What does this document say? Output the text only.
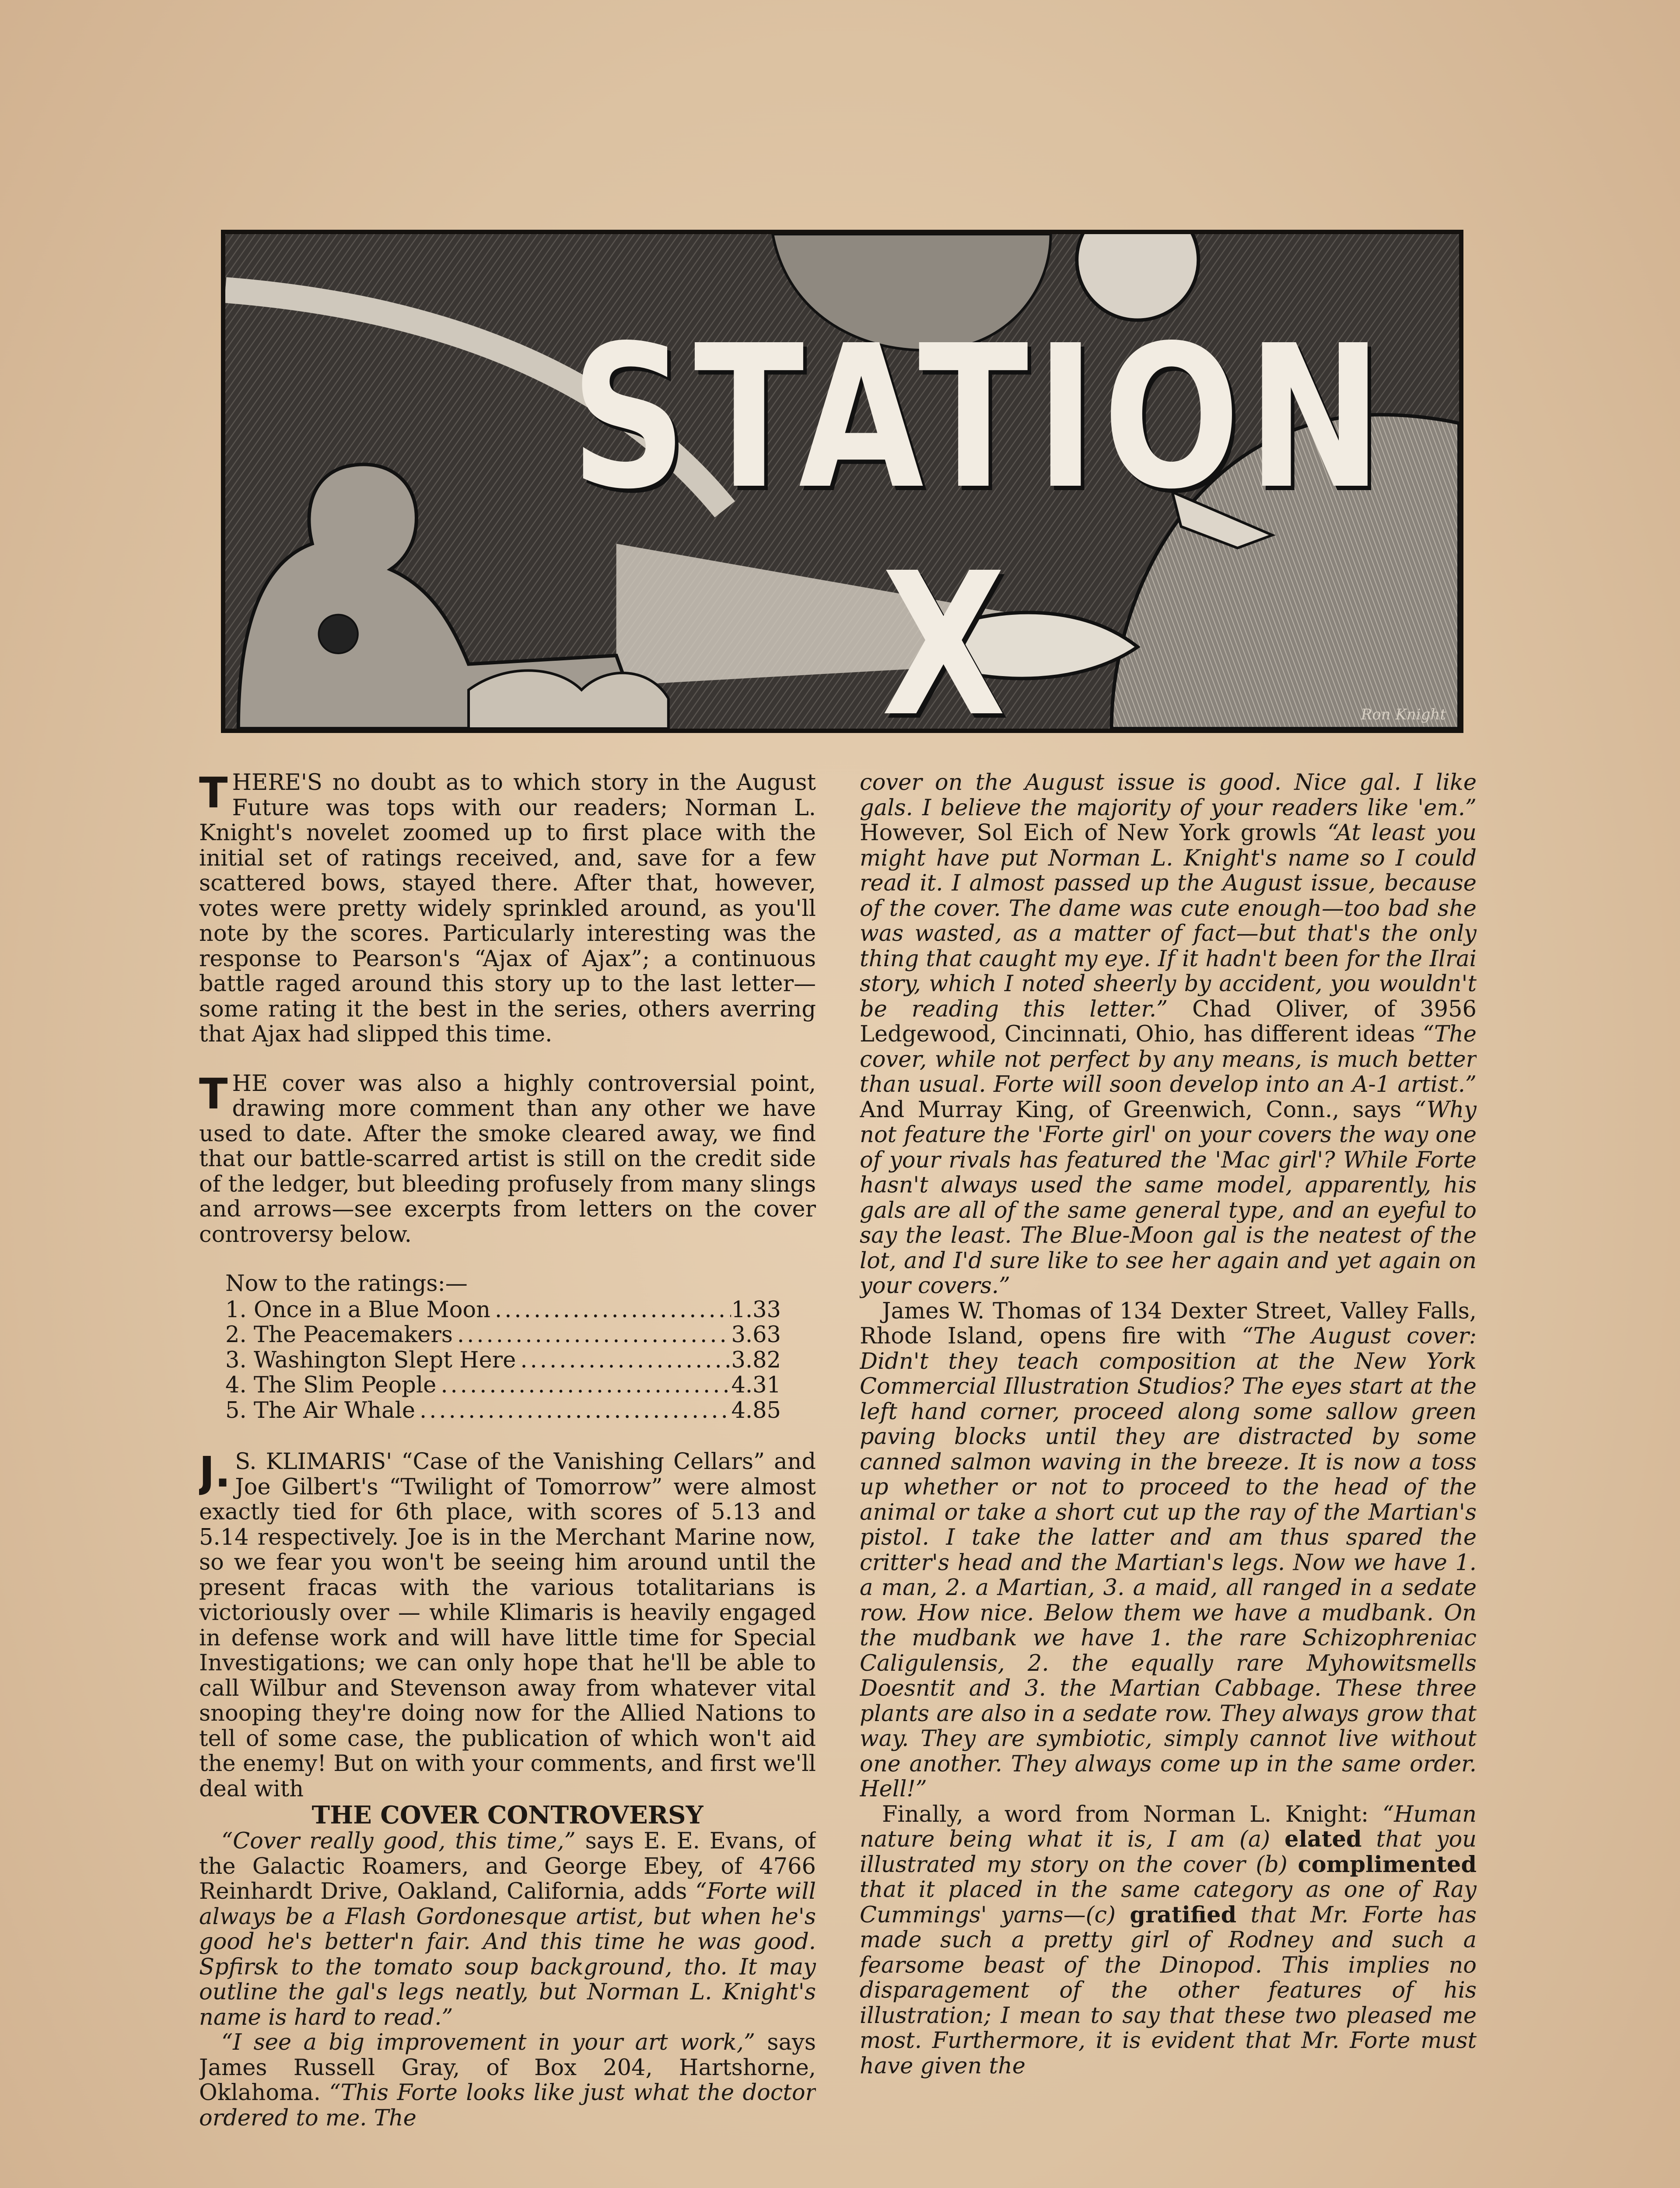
STATION X	Ron Knight

THERE'S no doubt as to which story in the August Future was tops with our readers; Norman L. Knight's novelet zoomed up to first place with the initial set of ratings received, and, save for a few scattered bows, stayed there. After that, however, votes were pretty widely sprinkled around, as you'll note by the scores. Particularly interesting was the response to Pearson's “Ajax of Ajax”; a continuous battle raged around this story up to the last letter—some rating it the best in the series, others averring that Ajax had slipped this time.

THE cover was also a highly controversial point, drawing more comment than any other we have used to date. After the smoke cleared away, we find that our battle-scarred artist is still on the credit side of the ledger, but bleeding profusely from many slings and arrows—see excerpts from letters on the cover controversy below.

Now to the ratings:—

1. Once in a Blue Moon .....	1.33
2. The Peacemakers .....	3.63
3. Washington Slept Here .....	3.82
4. The Slim People .....	4.31
5. The Air Whale .....	4.85

J. S. KLIMARIS' “Case of the Vanishing Cellars” and Joe Gilbert's “Twilight of Tomorrow” were almost exactly tied for 6th place, with scores of 5.13 and 5.14 respectively. Joe is in the Merchant Marine now, so we fear you won't be seeing him around until the present fracas with the various totalitarians is victoriously over — while Klimaris is heavily engaged in defense work and will have little time for Special Investigations; we can only hope that he'll be able to call Wilbur and Stevenson away from whatever vital snooping they're doing now for the Allied Nations to tell of some case, the publication of which won't aid the enemy! But on with your comments, and first we'll deal with

THE COVER CONTROVERSY

 “Cover really good, this time,” says E. E. Evans, of the Galactic Roamers, and George Ebey, of 4766 Reinhardt Drive, Oakland, California, adds “Forte will always be a Flash Gordonesque artist, but when he's good he's better'n fair. And this time he was good. Spfirsk to the tomato soup background, tho. It may outline the gal's legs neatly, but Norman L. Knight's name is hard to read.”

 “I see a big improvement in your art work,” says James Russell Gray, of Box 204, Hartshorne, Oklahoma. “This Forte looks like just what the doctor ordered to me. The

cover on the August issue is good. Nice gal. I like gals. I believe the majority of your readers like 'em.” However, Sol Eich of New York growls “At least you might have put Norman L. Knight's name so I could read it. I almost passed up the August issue, because of the cover. The dame was cute enough—too bad she was wasted, as a matter of fact—but that's the only thing that caught my eye. If it hadn't been for the Ilrai story, which I noted sheerly by accident, you wouldn't be reading this letter.” Chad Oliver, of 3956 Ledgewood, Cincinnati, Ohio, has different ideas “The cover, while not perfect by any means, is much better than usual. Forte will soon develop into an A-1 artist.” And Murray King, of Greenwich, Conn., says “Why not feature the 'Forte girl' on your covers the way one of your rivals has featured the 'Mac girl'? While Forte hasn't always used the same model, apparently, his gals are all of the same general type, and an eyeful to say the least. The Blue-Moon gal is the neatest of the lot, and I'd sure like to see her again and yet again on your covers.”

 James W. Thomas of 134 Dexter Street, Valley Falls, Rhode Island, opens fire with “The August cover: Didn't they teach composition at the New York Commercial Illustration Studios? The eyes start at the left hand corner, proceed along some sallow green paving blocks until they are distracted by some canned salmon waving in the breeze. It is now a toss up whether or not to proceed to the head of the animal or take a short cut up the ray of the Martian's pistol. I take the latter and am thus spared the critter's head and the Martian's legs. Now we have 1. a man, 2. a Martian, 3. a maid, all ranged in a sedate row. How nice. Below them we have a mudbank. On the mudbank we have 1. the rare Schizophreniac Caligulensis, 2. the equally rare Myhowitsmells Doesntit and 3. the Martian Cabbage. These three plants are also in a sedate row. They always grow that way. They are symbiotic, simply cannot live without one another. They always come up in the same order. Hell!”

 Finally, a word from Norman L. Knight: “Human nature being what it is, I am (a) elated that you illustrated my story on the cover (b) complimented that it placed in the same category as one of Ray Cummings' yarns—(c) gratified that Mr. Forte has made such a pretty girl of Rodney and such a fearsome beast of the Dinopod. This implies no disparagement of the other features of his illustration; I mean to say that these two pleased me most. Furthermore, it is evident that Mr. Forte must have given the
